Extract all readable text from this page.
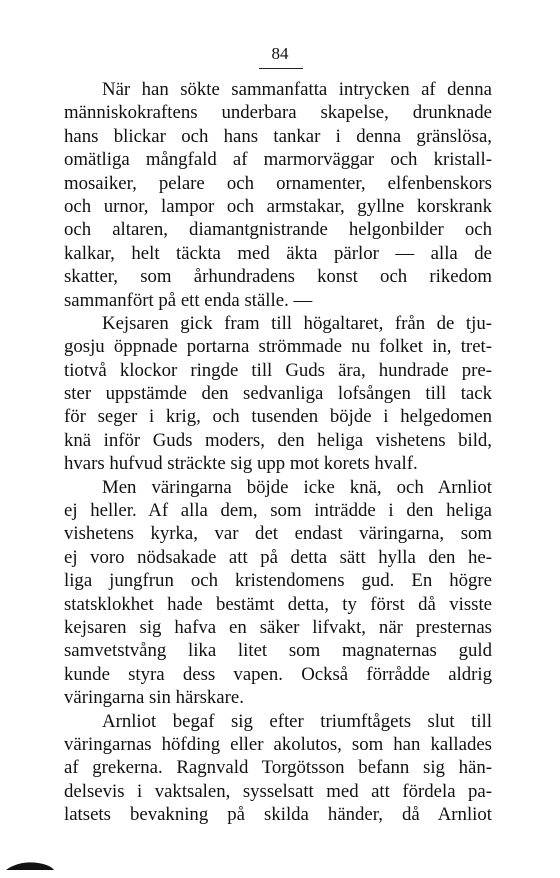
84
När han sökte sammanfatta intrycken af denna
människokraftens underbara skapelse, drunknade
hans blickar och hans tankar i denna gränslösa,
omätliga mångfald af marmorväggar och kristall-
mosaiker, pelare och ornamenter, elfenbenskors
och urnor, lampor och armstakar, gyllne korskrank
och altaren, diamantgnistrande helgonbilder och
kalkar, helt täckta med äkta pärlor — alla de
skatter, som århundradens konst och rikedom
sammanfört på ett enda ställe. —
Kejsaren gick fram till högaltaret, från de tju-
gosju öppnade portarna strömmade nu folket in, tret-
tiotvå klockor ringde till Guds ära, hundrade pre-
ster uppstämde den sedvanliga lofsången till tack
för seger i krig, och tusenden böjde i helgedomen
knä inför Guds moders, den heliga vishetens bild,
hvars hufvud sträckte sig upp mot korets hvalf.
Men väringarna böjde icke knä, och Arnliot
ej heller. Af alla dem, som inträdde i den heliga
vishetens kyrka, var det endast väringarna, som
ej voro nödsakade att på detta sätt hylla den he-
liga jungfrun och kristendomens gud. En högre
statsklokhet hade bestämt detta, ty först då visste
kejsaren sig hafva en säker lifvakt, när presternas
samvetstvång lika litet som magnaternas guld
kunde styra dess vapen. Också förrådde aldrig
väringarna sin härskare.
Arnliot begaf sig efter triumftågets slut till
väringarnas höfding eller akolutos, som han kallades
af grekerna. Ragnvald Torgötsson befann sig hän-
delsevis i vaktsalen, sysselsatt med att fördela pa-
latsets bevakning på skilda händer, då Arnliot
